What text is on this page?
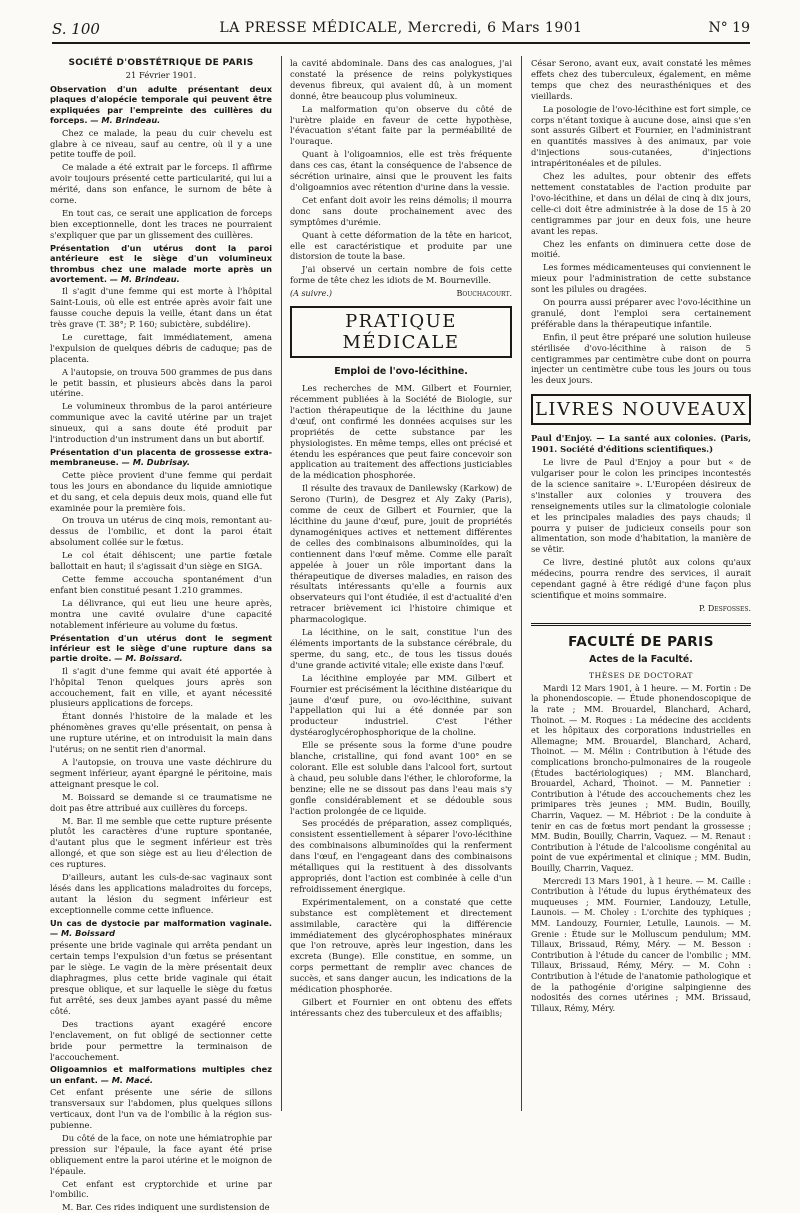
S. 100	LA PRESSE MÉDICALE, Mercredi, 6 Mars 1901	N° 19
SOCIÉTÉ D'OBSTÉTRIQUE DE PARIS
21 Février 1901.

Observation d'un adulte présentant deux plaques d'alopécie temporale qui peuvent être expliquées par l'empreinte des cuillères du forceps. — M. Brindeau.

Chez ce malade, la peau du cuir chevelu est glabre à ce niveau, sauf au centre, où il y a une petite touffe de poil.

Ce malade a été extrait par le forceps. Il affirme avoir toujours présenté cette particularité, qui lui a mérité, dans son enfance, le surnom de bête à corne.

En tout cas, ce serait une application de forceps bien exceptionnelle, dont les traces ne pourraient s'expliquer que par un glissement des cuillères.

Présentation d'un utérus dont la paroi antérieure est le siège d'un volumineux thrombus chez une malade morte après un avortement. — M. Brindeau.

Il s'agit d'une femme qui est morte à l'hôpital Saint-Louis, où elle est entrée après avoir fait une fausse couche depuis la veille, étant dans un état très grave (T. 38°; P. 160; subictère, subdélire).

Le curettage, fait immédiatement, amena l'expulsion de quelques débris de caduque; pas de placenta.

A l'autopsie, on trouva 500 grammes de pus dans le petit bassin, et plusieurs abcès dans la paroi utérine.

Le volumineux thrombus de la paroi antérieure communique avec la cavité utérine par un trajet sinueux, qui a sans doute été produit par l'introduction d'un instrument dans un but abortif.

Présentation d'un placenta de grossesse extra-membraneuse. — M. Dubrisay.

Cette pièce provient d'une femme qui perdait tous les jours en abondance du liquide amniotique et du sang, et cela depuis deux mois, quand elle fut examinée pour la première fois.

On trouva un utérus de cinq mois, remontant au-dessus de l'ombilic, et dont la paroi était absolument collée sur le fœtus.

Le col était déhiscent; une partie fœtale ballottait en haut; il s'agissait d'un siège en SIGA.

Cette femme accoucha spontanément d'un enfant bien constitué pesant 1.210 grammes.

La délivrance, qui eut lieu une heure après, montra une cavité ovulaire d'une capacité notablement inférieure au volume du fœtus.

Présentation d'un utérus dont le segment inférieur est le siège d'une rupture dans sa partie droite. — M. Boissard.

Il s'agit d'une femme qui avait été apportée à l'hôpital Tenon quelques jours après son accouchement, fait en ville, et ayant nécessité plusieurs applications de forceps.

Étant donnés l'histoire de la malade et les phénomènes graves qu'elle présentait, on pensa à une rupture utérine, et on introduisit la main dans l'utérus; on ne sentit rien d'anormal.

A l'autopsie, on trouva une vaste déchirure du segment inférieur, ayant épargné le péritoine, mais atteignant presque le col.

M. Boissard se demande si ce traumatisme ne doit pas être attribué aux cuillères du forceps.

M. Bar. Il me semble que cette rupture présente plutôt les caractères d'une rupture spontanée, d'autant plus que le segment inférieur est très allongé, et que son siège est au lieu d'élection de ces ruptures.

D'ailleurs, autant les culs-de-sac vaginaux sont lésés dans les applications maladroites du forceps, autant la lésion du segment inférieur est exceptionnelle comme cette influence.

Un cas de dystocie par malformation vaginale. — M. Boissard

présente une bride vaginale qui arrêta pendant un certain temps l'expulsion d'un fœtus se présentant par le siège. Le vagin de la mère présentait deux diaphragmes, plus cette bride vaginale qui était presque oblique, et sur laquelle le siège du fœtus fut arrêté, ses deux jambes ayant passé du même côté.

Des tractions ayant exagéré encore l'enclavement, on fut obligé de sectionner cette bride pour permettre la terminaison de l'accouchement.

Oligoamnios et malformations multiples chez un enfant. — M. Macé.

Cet enfant présente une série de sillons transversaux sur l'abdomen, plus quelques sillons verticaux, dont l'un va de l'ombilic à la région sus-pubienne.

Du côté de la face, on note une hémiatrophie par pression sur l'épaule, la face ayant été prise obliquement entre la paroi utérine et le moignon de l'épaule.

Cet enfant est cryptorchide et urine par l'ombilic.

M. Bar. Ces rides indiquent une surdistension de

la cavité abdominale. Dans des cas analogues, j'ai constaté la présence de reins polykystiques devenus fibreux, qui avaient dû, à un moment donné, être beaucoup plus volumineux.

La malformation qu'on observe du côté de l'urètre plaide en faveur de cette hypothèse, l'évacuation s'étant faite par la perméabilité de l'ouraque.

Quant à l'oligoamnios, elle est très fréquente dans ces cas, étant la conséquence de l'absence de sécrétion urinaire, ainsi que le prouvent les faits d'oligoamnios avec rétention d'urine dans la vessie.

Cet enfant doit avoir les reins démolis; il mourra donc sans doute prochainement avec des symptômes d'urémie.

Quant à cette déformation de la tête en haricot, elle est caractéristique et produite par une distorsion de toute la base.

J'ai observé un certain nombre de fois cette forme de tête chez les idiots de M. Bourneville.

(A suivre.)	Bouchacourt.
PRATIQUE MÉDICALE
Emploi de l'ovo-lécithine.

Les recherches de MM. Gilbert et Fournier, récemment publiées à la Société de Biologie, sur l'action thérapeutique de la lécithine du jaune d'œuf, ont confirmé les données acquises sur les propriétés de cette substance par les physiologistes. En même temps, elles ont précisé et étendu les espérances que peut faire concevoir son application au traitement des affections justiciables de la médication phosphorée.

Il résulte des travaux de Danilewsky (Karkow) de Serono (Turin), de Desgrez et Aly Zaky (Paris), comme de ceux de Gilbert et Fournier, que la lécithine du jaune d'œuf, pure, jouit de propriétés dynamogéniques actives et nettement différentes de celles des combinaisons albuminoïdes, qui la contiennent dans l'œuf même. Comme elle paraît appelée à jouer un rôle important dans la thérapeutique de diverses maladies, en raison des résultats intéressants qu'elle a fournis aux observateurs qui l'ont étudiée, il est d'actualité d'en retracer brièvement ici l'histoire chimique et pharmacologique.

La lécithine, on le sait, constitue l'un des éléments importants de la substance cérébrale, du sperme, du sang, etc., de tous les tissus doués d'une grande activité vitale; elle existe dans l'œuf.

La lécithine employée par MM. Gilbert et Fournier est précisément la lécithine distéarique du jaune d'œuf pure, ou ovo-lécithine, suivant l'appellation qui lui a été donnée par son producteur industriel. C'est l'éther dystéaroglycérophosphorique de la choline.

Elle se présente sous la forme d'une poudre blanche, cristalline, qui fond avant 100° en se colorant. Elle est soluble dans l'alcool fort, surtout à chaud, peu soluble dans l'éther, le chloroforme, la benzine; elle ne se dissout pas dans l'eau mais s'y gonfle considérablement et se dédouble sous l'action prolongée de ce liquide.

Ses procédés de préparation, assez compliqués, consistent essentiellement à séparer l'ovo-lécithine des combinaisons albuminoïdes qui la renferment dans l'œuf, en l'engageant dans des combinaisons métalliques qui la restituent à des dissolvants appropriés, dont l'action est combinée à celle d'un refroidissement énergique.

Expérimentalement, on a constaté que cette substance est complètement et directement assimilable, caractère qui la différencie immédiatement des glycérophosphates minéraux que l'on retrouve, après leur ingestion, dans les excreta (Bunge). Elle constitue, en somme, un corps permettant de remplir avec chances de succès, et sans danger aucun, les indications de la médication phosphorée.

Gilbert et Fournier en ont obtenu des effets intéressants chez des tuberculeux et des affaiblis;

César Serono, avant eux, avait constaté les mêmes effets chez des tuberculeux, également, en même temps que chez des neurasthéniques et des vieillards.

La posologie de l'ovo-lécithine est fort simple, ce corps n'étant toxique à aucune dose, ainsi que s'en sont assurés Gilbert et Fournier, en l'administrant en quantités massives à des animaux, par voie d'injections sous-cutanées, d'injections intrapéritonéales et de pilules.

Chez les adultes, pour obtenir des effets nettement constatables de l'action produite par l'ovo-lécithine, et dans un délai de cinq à dix jours, celle-ci doit être administrée à la dose de 15 à 20 centigrammes par jour en deux fois, une heure avant les repas.

Chez les enfants on diminuera cette dose de moitié.

Les formes médicamenteuses qui conviennent le mieux pour l'administration de cette substance sont les pilules ou dragées.

On pourra aussi préparer avec l'ovo-lécithine un granulé, dont l'emploi sera certainement préférable dans la thérapeutique infantile.

Enfin, il peut être préparé une solution huileuse stérilisée d'ovo-lécithine à raison de 5 centigrammes par centimètre cube dont on pourra injecter un centimètre cube tous les jours ou tous les deux jours.

LIVRES NOUVEAUX

Paul d'Enjoy. — La santé aux colonies. (Paris, 1901. Société d'éditions scientifiques.)

Le livre de Paul d'Enjoy a pour but « de vulgariser pour le colon les principes incontestés de la science sanitaire ». L'Européen désireux de s'installer aux colonies y trouvera des renseignements utiles sur la climatologie coloniale et les principales maladies des pays chauds; il pourra y puiser de judicieux conseils pour son alimentation, son mode d'habitation, la manière de se vêtir.

Ce livre, destiné plutôt aux colons qu'aux médecins, pourra rendre des services, il aurait cependant gagné à être rédigé d'une façon plus scientifique et moins sommaire.

P. Desfosses.
FACULTÉ DE PARIS
Actes de la Faculté.
THÈSES DE DOCTORAT

Mardi 12 Mars 1901, à 1 heure. — M. Fortin : De la phonendoscopie. — Étude phonendoscopique de la rate ; MM. Brouardel, Blanchard, Achard, Thoinot. — M. Roques : La médecine des accidents et les hôpitaux des corporations industrielles en Allemagne; MM. Brouardel, Blanchard, Achard, Thoinot. — M. Mélin : Contribution à l'étude des complications broncho-pulmonaires de la rougeole (Études bactériologiques) ; MM. Blanchard, Brouardel, Achard, Thoinot. — M. Pannetier : Contribution à l'étude des accouchements chez les primipares très jeunes ; MM. Budin, Bouilly, Charrin, Vaquez. — M. Hébriot : De la conduite à tenir en cas de fœtus mort pendant la grossesse ; MM. Budin, Bouilly, Charrin, Vaquez. — M. Renaut : Contribution à l'étude de l'alcoolisme congénital au point de vue expérimental et clinique ; MM. Budin, Bouilly, Charrin, Vaquez.

Mercredi 13 Mars 1901, à 1 heure. — M. Caille : Contribution à l'étude du lupus érythémateux des muqueuses ; MM. Fournier, Landouzy, Letulle, Launois. — M. Choley : L'orchite des typhiques ; MM. Landouzy, Fournier, Letulle, Launois. — M. Grenie : Étude sur le Molluscum pendulum; MM. Tillaux, Brissaud, Rémy, Méry. — M. Besson : Contribution à l'étude du cancer de l'ombilic ; MM. Tillaux, Brissaud, Rémy, Méry. — M. Cohn : Contribution à l'étude de l'anatomie pathologique et de la pathogénie d'origine salpingienne des nodosités des cornes utérines ; MM. Brissaud, Tillaux, Rémy, Méry.
